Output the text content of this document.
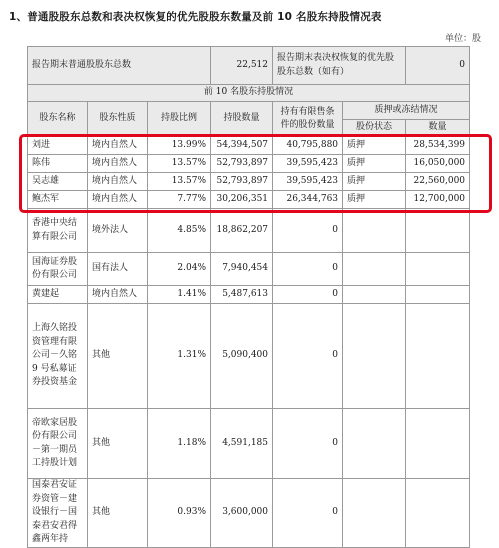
1、普通股股东总数和表决权恢复的优先股股东数量及前 10 名股东持股情况表

单位：股
报告期末普通股股东总数			22,512	报告期末表决权恢复的优先股股东总数（如有）		0
前 10 名股东持股情况						
股东名称	股东性质	持股比例	持股数量	持有有限售条件的股份数量	质押或冻结情况	
					股份状态	数量
刘进	境内自然人	13.99%	54,394,507	40,795,880	质押	28,534,399
陈伟	境内自然人	13.57%	52,793,897	39,595,423	质押	16,050,000
吴志雄	境内自然人	13.57%	52,793,897	39,595,423	质押	22,560,000
鲍杰军	境内自然人	7.77%	30,206,351	26,344,763	质押	12,700,000
香港中央结算有限公司	境外法人	4.85%	18,862,207	0		
国海证券股份有限公司	国有法人	2.04%	7,940,454	0		
黄建起	境内自然人	1.41%	5,487,613	0		
上海久铭投资管理有限公司－久铭 9 号私募证券投资基金	其他	1.31%	5,090,400	0		
帝欧家居股份有限公司－第一期员工持股计划	其他	1.18%	4,591,185	0		
国泰君安证券资管－建设银行－国泰君安君得鑫两年持	其他	0.93%	3,600,000	0		
